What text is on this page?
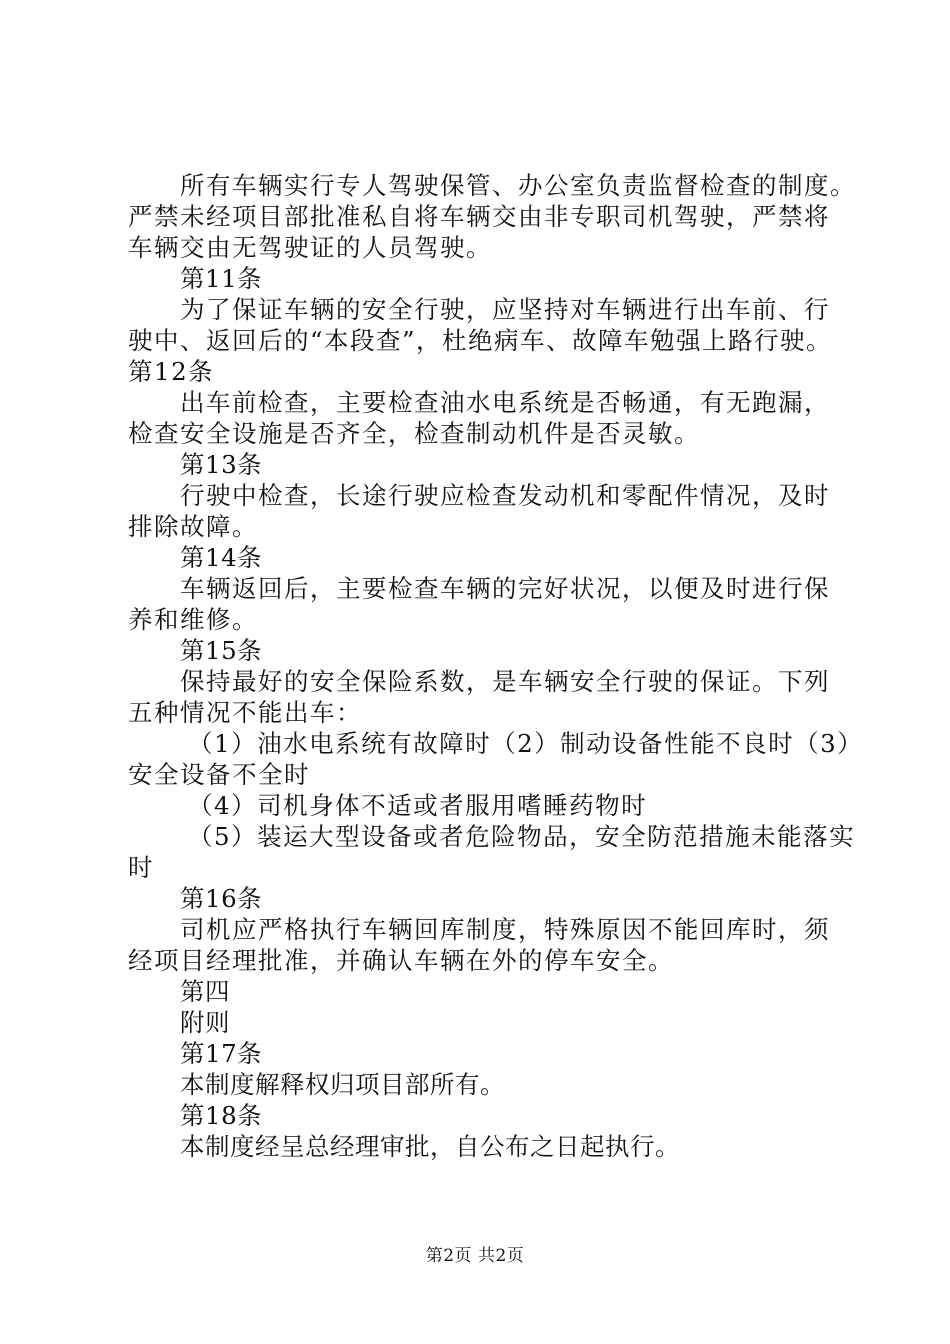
所有车辆实行专人驾驶保管、办公室负责监督检查的制度。
严禁未经项目部批准私自将车辆交由非专职司机驾驶，严禁将
车辆交由无驾驶证的人员驾驶。
第11条
为了保证车辆的安全行驶，应坚持对车辆进行出车前、行
驶中、返回后的“本段查”，杜绝病车、故障车勉强上路行驶。
第12条
出车前检查，主要检查油水电系统是否畅通，有无跑漏，
检查安全设施是否齐全，检查制动机件是否灵敏。
第13条
行驶中检查，长途行驶应检查发动机和零配件情况，及时
排除故障。
第14条
车辆返回后，主要检查车辆的完好状况，以便及时进行保
养和维修。
第15条
保持最好的安全保险系数，是车辆安全行驶的保证。下列
五种情况不能出车：
（1）油水电系统有故障时（2）制动设备性能不良时（3）
安全设备不全时
（4）司机身体不适或者服用嗜睡药物时
（5）装运大型设备或者危险物品，安全防范措施未能落实
时
第16条
司机应严格执行车辆回库制度，特殊原因不能回库时，须
经项目经理批准，并确认车辆在外的停车安全。
第四
附则
第17条
本制度解释权归项目部所有。
第18条
本制度经呈总经理审批，自公布之日起执行。
第2页 共2页
